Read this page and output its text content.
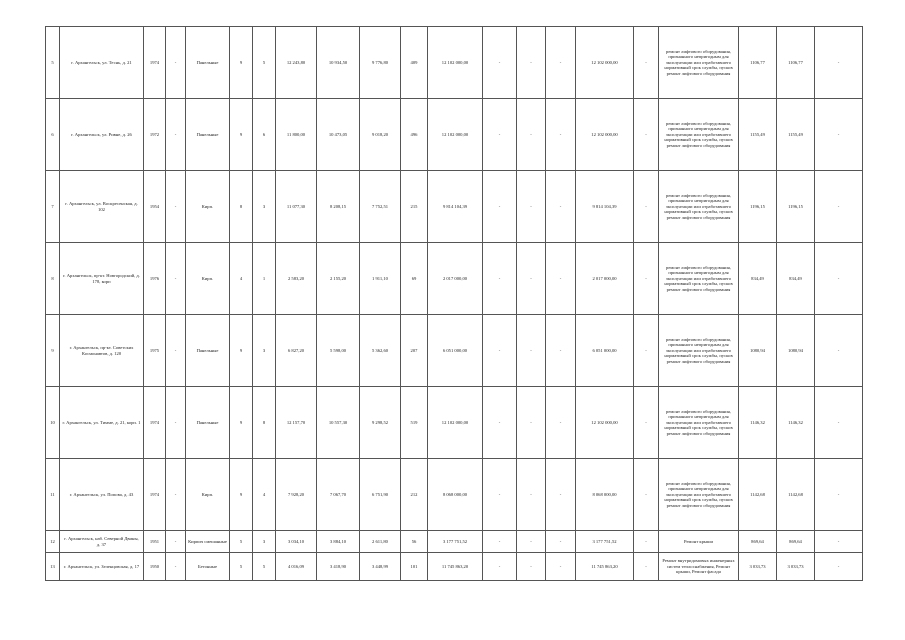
5	г. Архангельск, ул. Теснь, д. 21	1974	-	Панельные	9	5	12 243,80	10 934,50	9 776,80	409	12 102 000,00	-	-	-	12 102 000,00	-	ремонт лифтового оборудования, признанного непригодным для эксплуатации или отработавшего нормативный срок службы, пусков ремонт лифтового оборудования	1106,77	1106,77	-
6	г. Архангельск, ул. Ривне, д. 26	1972	-	Панельные	9	6	11 800,00	10 473,05	9 018,20	496	12 102 000,00	-	-	-	12 102 000,00	-	ремонт лифтового оборудования, признанного непригодным для эксплуатации или отработавшего нормативный срок службы, пусков ремонт лифтового оборудования	1155,49	1155,49	-
7	г. Архангельск, ул. Воскресенская, д. 102	1954	-	Кирп.	8	3	11 077,30	8 208,15	7 752,51	215	9 814 104,39	-	-	-	9 814 104,39	-	ремонт лифтового оборудования, признанного непригодным для эксплуатации или отработавшего нормативный срок службы, пусков ремонт лифтового оборудования	1196,15	1196,15	-
8	г. Архангельск, пр-кт. Новгородский, д. 178, корп	1976	-	Кирп.	4	1	2 583,20	2 155,20	1 911,10	69	2 017 000,00	-	-	-	2 017 000,00	-	ремонт лифтового оборудования, признанного непригодным для эксплуатации или отработавшего нормативный срок службы, пусков ремонт лифтового оборудования	834,49	834,49	-
9	г. Архангельск, пр-кт. Советских Космонавтов, д. 120	1975	-	Панельные	9	3	6 827,20	5 598,00	5 362,60	207	6 051 000,00	-	-	-	6 051 000,00	-	ремонт лифтового оборудования, признанного непригодным для эксплуатации или отработавшего нормативный срок службы, пусков ремонт лифтового оборудования	1080,94	1080,94	-
10	г. Архангельск, ул. Тимме, д. 21, корп. 1	1974	-	Панельные	9	8	12 157,70	10 557,30	9 298,52	519	12 102 000,00	-	-	-	12 102 000,00	-	ремонт лифтового оборудования, признанного непригодным для эксплуатации или отработавшего нормативный срок службы, пусков ремонт лифтового оборудования	1146,32	1146,32	-
11	г. Архангельск, ул. Попова, д. 43	1974	-	Кирп.	9	4	7 928,20	7 067,70	6 751,90	212	8 068 000,00	-	-	-	8 068 000,00	-	ремонт лифтового оборудования, признанного непригодным для эксплуатации или отработавшего нормативный срок службы, пусков ремонт лифтового оборудования	1142,68	1142,68	-
12	г. Архангельск, наб. Северной Двины, д. 37	1951	-	Кирпич смешанные	5	3	3 034,10	3 884,10	2 611,80	56	3 177 751,52	-	-	-	3 177 751,52	-	Ремонт крыши	869,64	869,64	-
13	г. Архангельск, ул. Зеленцовская, д. 17	1950	-	Бетонные	5	5	4 016,09	3 418,90	3 448,99	101	11 745 863,20	-	-	-	11 745 863,20	-	Ремонт внутридомовых инженерных систем теплоснабжения, Ремонт крыши, Ремонт фасада	3 033,73	3 033,73	-
